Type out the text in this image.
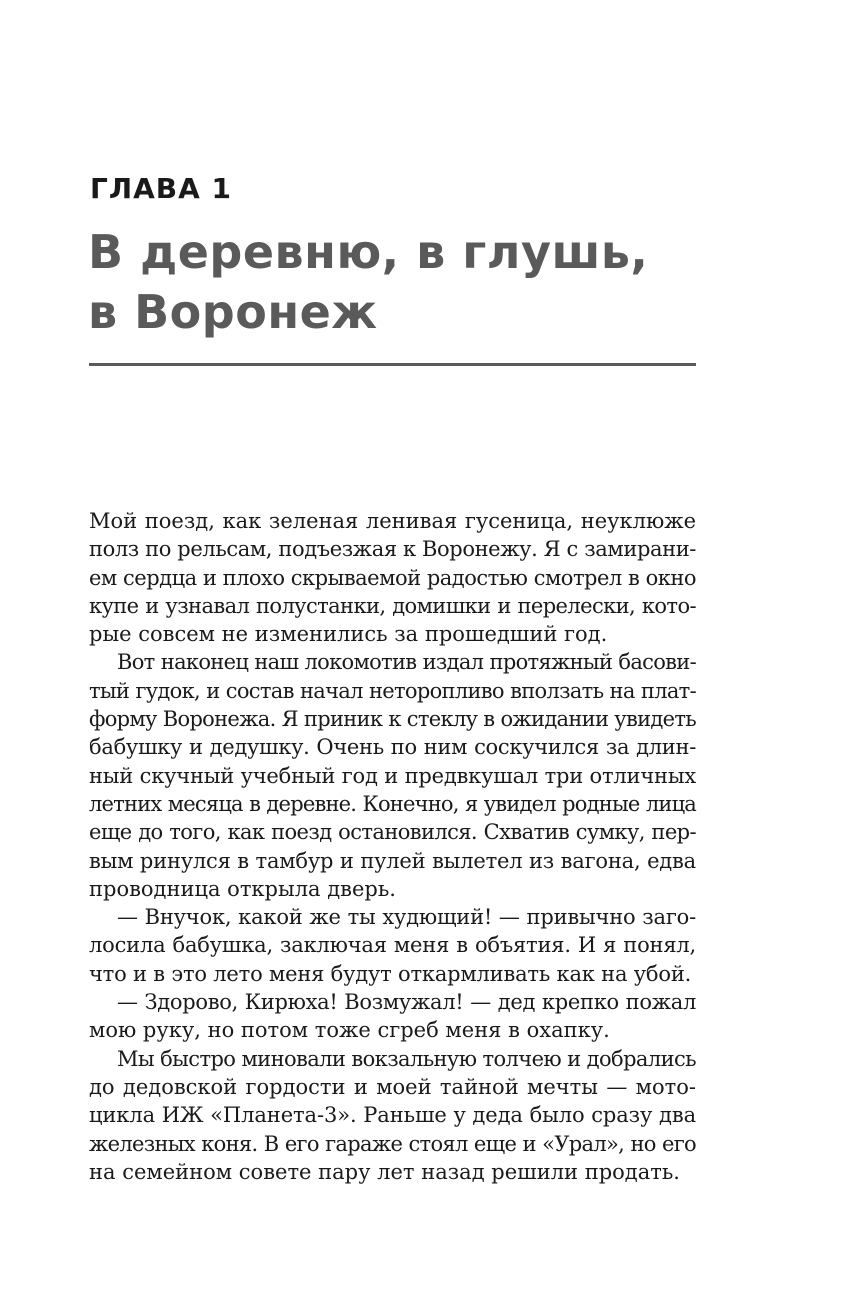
ГЛАВА 1
В деревню, в глушь,
в Воронеж

Мой поезд, как зеленая ленивая гусеница, неуклюже
полз по рельсам, подъезжая к Воронежу. Я с замирани-
ем сердца и плохо скрываемой радостью смотрел в окно
купе и узнавал полустанки, домишки и перелески, кото-
рые совсем не изменились за прошедший год.

Вот наконец наш локомотив издал протяжный басови-
тый гудок, и состав начал неторопливо вползать на плат-
форму Воронежа. Я приник к стеклу в ожидании увидеть
бабушку и дедушку. Очень по ним соскучился за длин-
ный скучный учебный год и предвкушал три отличных
летних месяца в деревне. Конечно, я увидел родные лица
еще до того, как поезд остановился. Схватив сумку, пер-
вым ринулся в тамбур и пулей вылетел из вагона, едва
проводница открыла дверь.

— Внучок, какой же ты худющий! — привычно заго-
лосила бабушка, заключая меня в объятия. И я понял,
что и в это лето меня будут откармливать как на убой.

— Здорово, Кирюха! Возмужал! — дед крепко пожал
мою руку, но потом тоже сгреб меня в охапку.

Мы быстро миновали вокзальную толчею и добрались
до дедовской гордости и моей тайной мечты — мото-
цикла ИЖ «Планета-3». Раньше у деда было сразу два
железных коня. В его гараже стоял еще и «Урал», но его
на семейном совете пару лет назад решили продать.
